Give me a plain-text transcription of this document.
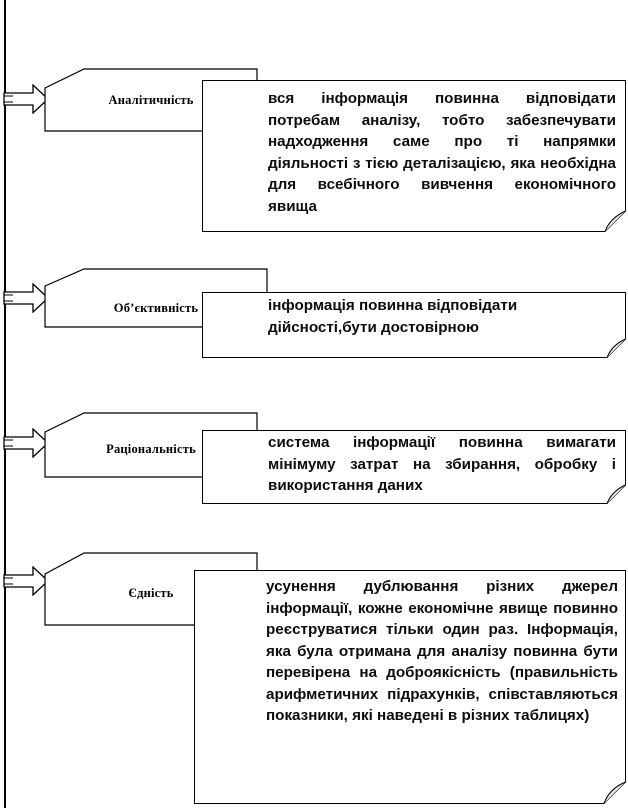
Аналітичність	вся інформація повинна відповідати потребам аналізу, тобто забезпечувати надходження саме про ті напрямки діяльності з тією деталізацією, яка необхідна для всебічного вивчення економічного явища
Об’єктивність	інформація повинна відповідати дійсності,бути достовірною
Раціональність	система інформації повинна вимагати мінімуму затрат на збирання, обробку і використання даних
Єдність	усунення дублювання різних джерел інформації, кожне економічне явище повинно реєструватися тільки один раз. Інформація, яка була отримана для аналізу повинна бути перевірена на доброякісність (правильність арифметичних підрахунків, співставляються показники, які наведені в різних таблицях)
